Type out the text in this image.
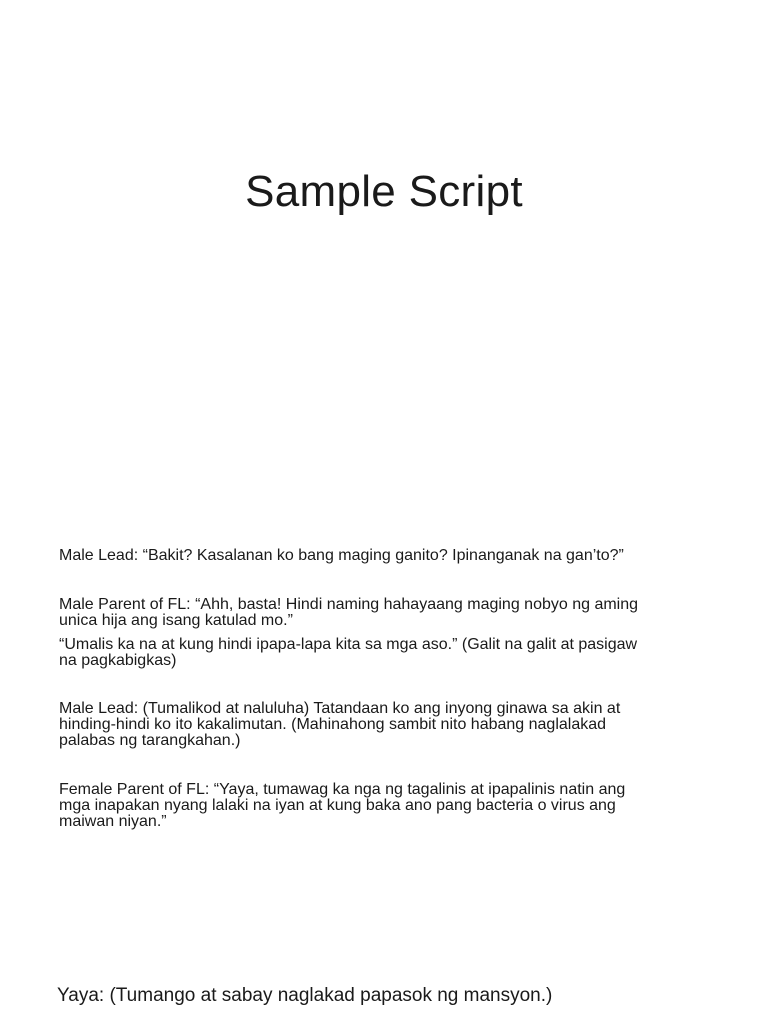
Sample Script

Male Lead: “Bakit? Kasalanan ko bang maging ganito? Ipinanganak na gan’to?”

Male Parent of FL: “Ahh, basta! Hindi naming hahayaang maging nobyo ng aming
unica hija ang isang katulad mo.”

“Umalis ka na at kung hindi ipapa-lapa kita sa mga aso.” (Galit na galit at pasigaw
na pagkabigkas)

Male Lead: (Tumalikod at naluluha) Tatandaan ko ang inyong ginawa sa akin at
hinding-hindi ko ito kakalimutan. (Mahinahong sambit nito habang naglalakad
palabas ng tarangkahan.)

Female Parent of FL: “Yaya, tumawag ka nga ng tagalinis at ipapalinis natin ang
mga inapakan nyang lalaki na iyan at kung baka ano pang bacteria o virus ang
maiwan niyan.”

Yaya: (Tumango at sabay naglakad papasok ng mansyon.)
